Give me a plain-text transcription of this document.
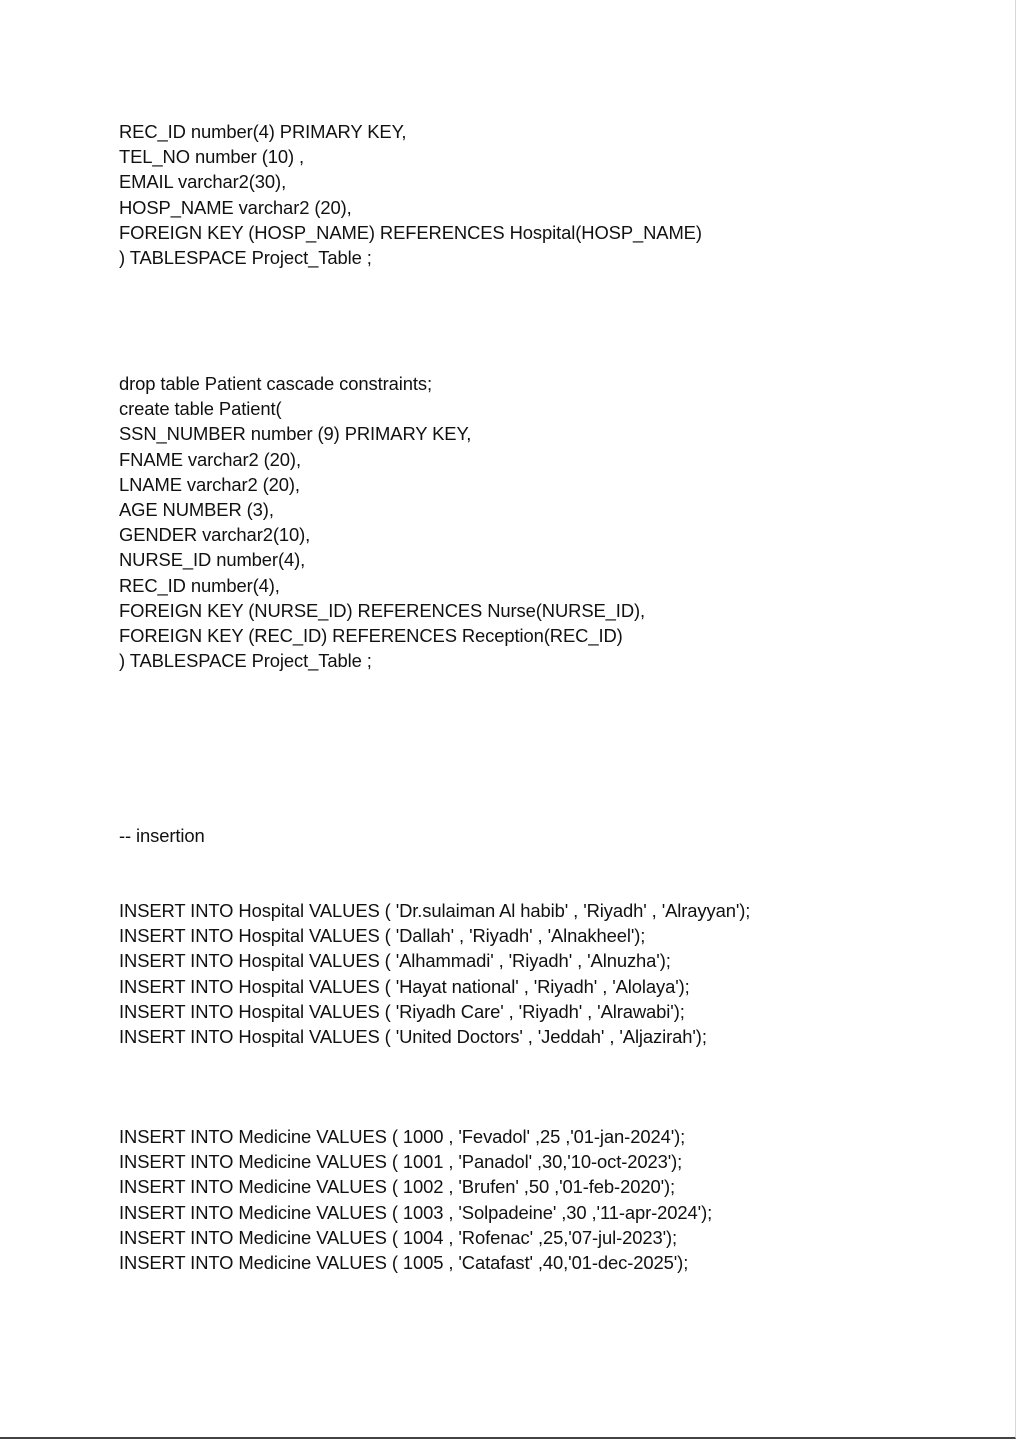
REC_ID number(4) PRIMARY KEY,
TEL_NO number (10) ,
EMAIL varchar2(30),
HOSP_NAME varchar2 (20),
FOREIGN KEY (HOSP_NAME) REFERENCES Hospital(HOSP_NAME)
) TABLESPACE Project_Table ;
drop table Patient cascade constraints;
create table Patient(
SSN_NUMBER number (9) PRIMARY KEY,
FNAME varchar2 (20),
LNAME varchar2 (20),
AGE NUMBER (3),
GENDER varchar2(10),
NURSE_ID number(4),
REC_ID number(4),
FOREIGN KEY (NURSE_ID) REFERENCES Nurse(NURSE_ID),
FOREIGN KEY (REC_ID) REFERENCES Reception(REC_ID)
) TABLESPACE Project_Table ;
-- insertion
INSERT INTO Hospital VALUES ( 'Dr.sulaiman Al habib' , 'Riyadh' , 'Alrayyan');
INSERT INTO Hospital VALUES ( 'Dallah' , 'Riyadh' , 'Alnakheel');
INSERT INTO Hospital VALUES ( 'Alhammadi' , 'Riyadh' , 'Alnuzha');
INSERT INTO Hospital VALUES ( 'Hayat national' , 'Riyadh' , 'Alolaya');
INSERT INTO Hospital VALUES ( 'Riyadh Care' , 'Riyadh' , 'Alrawabi');
INSERT INTO Hospital VALUES ( 'United Doctors' , 'Jeddah' , 'Aljazirah');
INSERT INTO Medicine VALUES ( 1000 , 'Fevadol' ,25 ,'01-jan-2024');
INSERT INTO Medicine VALUES ( 1001 , 'Panadol' ,30,'10-oct-2023');
INSERT INTO Medicine VALUES ( 1002 , 'Brufen' ,50 ,'01-feb-2020');
INSERT INTO Medicine VALUES ( 1003 , 'Solpadeine' ,30 ,'11-apr-2024');
INSERT INTO Medicine VALUES ( 1004 , 'Rofenac' ,25,'07-jul-2023');
INSERT INTO Medicine VALUES ( 1005 , 'Catafast' ,40,'01-dec-2025');
